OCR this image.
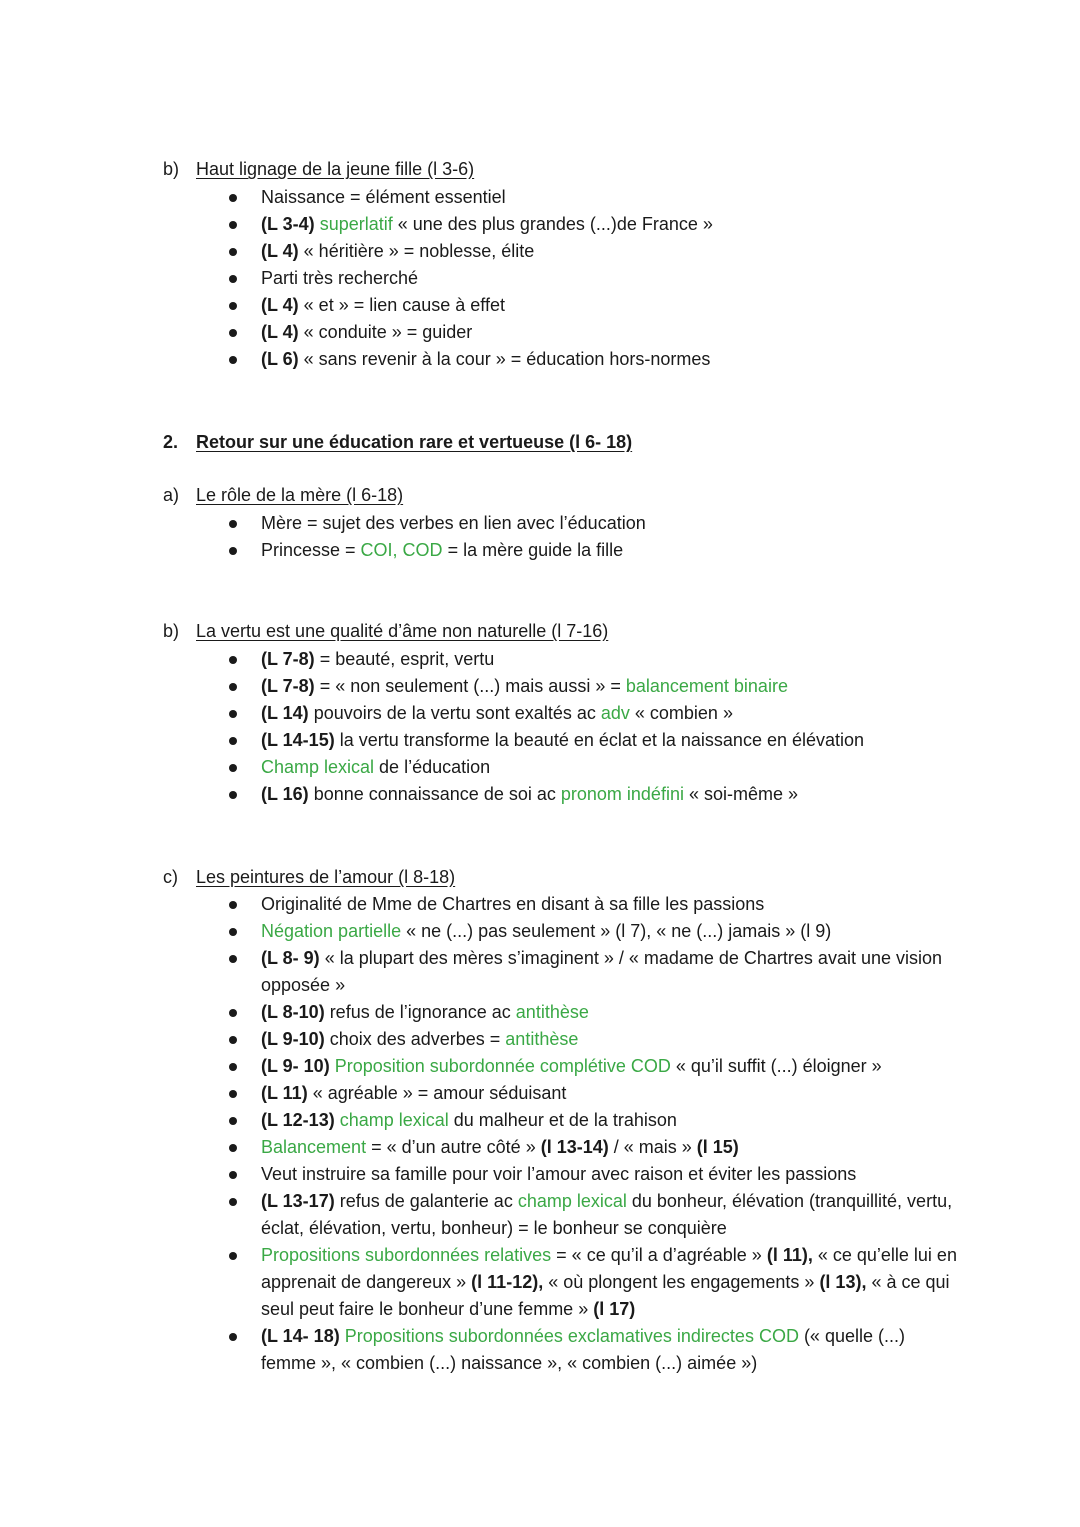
b) Haut lignage de la jeune fille (l 3-6)
Naissance = élément essentiel
(L 3-4) superlatif « une des plus grandes (...)de France »
(L 4) « héritière » = noblesse, élite
Parti très recherché
(L 4) « et » = lien cause à effet
(L 4) « conduite » = guider
(L 6) « sans revenir à la cour » = éducation hors-normes
2. Retour sur une éducation rare et vertueuse (l 6- 18)
a) Le rôle de la mère (l 6-18)
Mère = sujet des verbes en lien avec l’éducation
Princesse = COI, COD = la mère guide la fille
b) La vertu est une qualité d’âme non naturelle (l 7-16)
(L 7-8) = beauté, esprit, vertu
(L 7-8) = « non seulement (...) mais aussi » = balancement binaire
(L 14) pouvoirs de la vertu sont exaltés ac adv « combien »
(L 14-15) la vertu transforme la beauté en éclat et la naissance en élévation
Champ lexical de l’éducation
(L 16) bonne connaissance de soi ac pronom indéfini « soi-même »
c) Les peintures de l’amour (l 8-18)
Originalité de Mme de Chartres en disant à sa fille les passions
Négation partielle « ne (...) pas seulement » (l 7), « ne (...) jamais » (l 9)
(L 8- 9) « la plupart des mères s’imaginent » / « madame de Chartres avait une vision opposée »
(L 8-10) refus de l’ignorance ac antithèse
(L 9-10) choix des adverbes = antithèse
(L 9- 10) Proposition subordonnée complétive COD « qu’il suffit (...) éloigner »
(L 11) « agréable » = amour séduisant
(L 12-13) champ lexical du malheur et de la trahison
Balancement = « d’un autre côté » (l 13-14) / « mais » (l 15)
Veut instruire sa famille pour voir l’amour avec raison et éviter les passions
(L 13-17) refus de galanterie ac champ lexical du bonheur, élévation (tranquillité, vertu, éclat, élévation, vertu, bonheur) = le bonheur se conquière
Propositions subordonnées relatives = « ce qu’il a d’agréable » (l 11), « ce qu’elle lui en apprenait de dangereux » (l 11-12), « où plongent les engagements » (l 13), « à ce qui seul peut faire le bonheur d’une femme » (l 17)
(L 14- 18) Propositions subordonnées exclamatives indirectes COD (« quelle (...) femme », « combien (...) naissance », « combien (...) aimée »)
